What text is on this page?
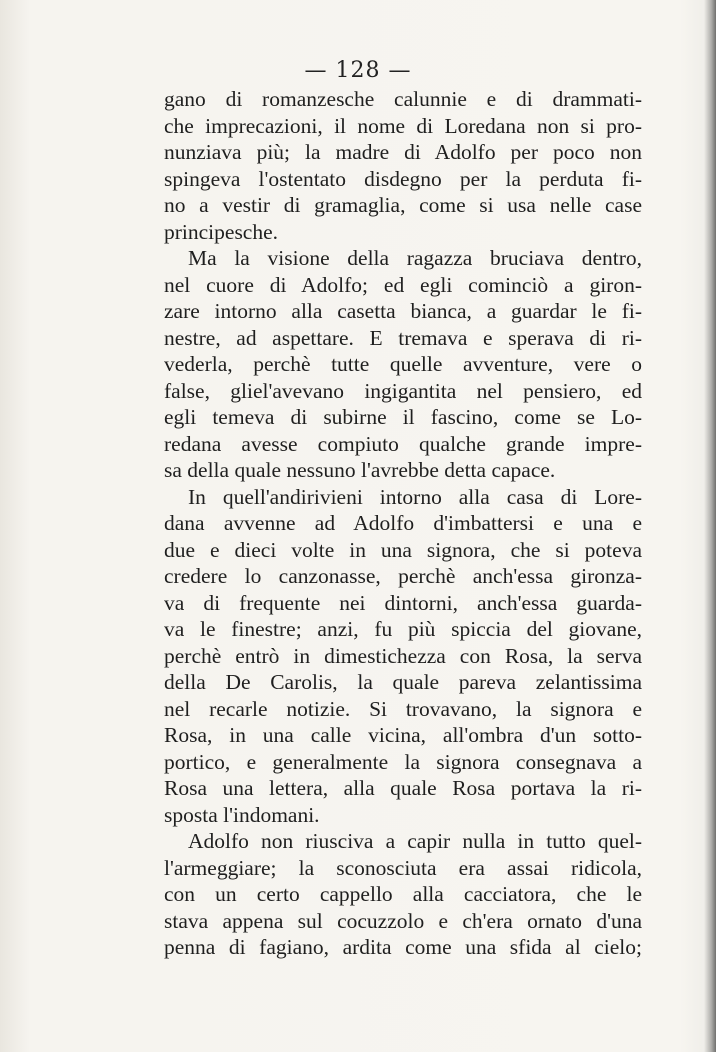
— 128 —
gano di romanzesche calunnie e di drammati-
che imprecazioni, il nome di Loredana non si pro-
nunziava più; la madre di Adolfo per poco non
spingeva l'ostentato disdegno per la perduta fi-
no a vestir di gramaglia, come si usa nelle case
principesche.
Ma la visione della ragazza bruciava dentro,
nel cuore di Adolfo; ed egli cominciò a giron-
zare intorno alla casetta bianca, a guardar le fi-
nestre, ad aspettare. E tremava e sperava di ri-
vederla, perchè tutte quelle avventure, vere o
false, gliel'avevano ingigantita nel pensiero, ed
egli temeva di subirne il fascino, come se Lo-
redana avesse compiuto qualche grande impre-
sa della quale nessuno l'avrebbe detta capace.
In quell'andirivieni intorno alla casa di Lore-
dana avvenne ad Adolfo d'imbattersi e una e
due e dieci volte in una signora, che si poteva
credere lo canzonasse, perchè anch'essa gironza-
va di frequente nei dintorni, anch'essa guarda-
va le finestre; anzi, fu più spiccia del giovane,
perchè entrò in dimestichezza con Rosa, la serva
della De Carolis, la quale pareva zelantissima
nel recarle notizie. Si trovavano, la signora e
Rosa, in una calle vicina, all'ombra d'un sotto-
portico, e generalmente la signora consegnava a
Rosa una lettera, alla quale Rosa portava la ri-
sposta l'indomani.
Adolfo non riusciva a capir nulla in tutto quel-
l'armeggiare; la sconosciuta era assai ridicola,
con un certo cappello alla cacciatora, che le
stava appena sul cocuzzolo e ch'era ornato d'una
penna di fagiano, ardita come una sfida al cielo;
